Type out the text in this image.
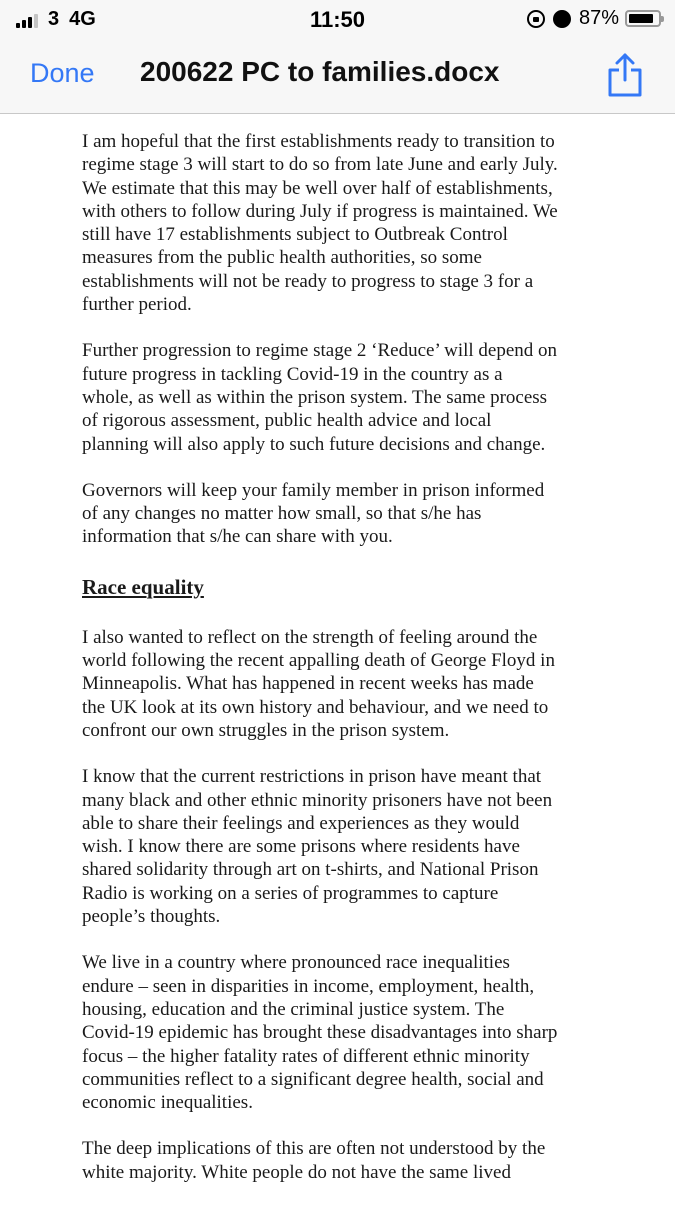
3 4G	11:50	87%
Done 200622 PC to families.docx

I am hopeful that the first establishments ready to transition to
regime stage 3 will start to do so from late June and early July.
We estimate that this may be well over half of establishments,
with others to follow during July if progress is maintained. We
still have 17 establishments subject to Outbreak Control
measures from the public health authorities, so some
establishments will not be ready to progress to stage 3 for a
further period.

Further progression to regime stage 2 ‘Reduce’ will depend on
future progress in tackling Covid-19 in the country as a
whole, as well as within the prison system. The same process
of rigorous assessment, public health advice and local
planning will also apply to such future decisions and change.

Governors will keep your family member in prison informed
of any changes no matter how small, so that s/he has
information that s/he can share with you.

Race equality

I also wanted to reflect on the strength of feeling around the
world following the recent appalling death of George Floyd in
Minneapolis. What has happened in recent weeks has made
the UK look at its own history and behaviour, and we need to
confront our own struggles in the prison system.

I know that the current restrictions in prison have meant that
many black and other ethnic minority prisoners have not been
able to share their feelings and experiences as they would
wish. I know there are some prisons where residents have
shared solidarity through art on t-shirts, and National Prison
Radio is working on a series of programmes to capture
people’s thoughts.

We live in a country where pronounced race inequalities
endure – seen in disparities in income, employment, health,
housing, education and the criminal justice system. The
Covid-19 epidemic has brought these disadvantages into sharp
focus – the higher fatality rates of different ethnic minority
communities reflect to a significant degree health, social and
economic inequalities.

The deep implications of this are often not understood by the
white majority. White people do not have the same lived
